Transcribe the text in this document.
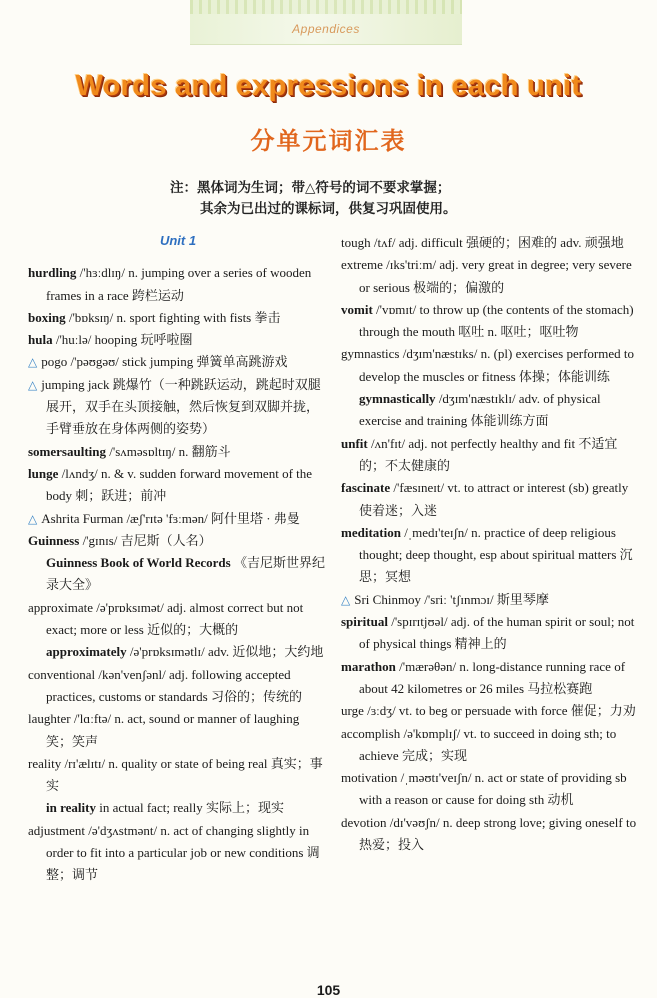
Appendices
Words and expressions in each unit
分单元词汇表
注：黑体词为生词；带△符号的词不要求掌握；
其余为已出过的课标词，供复习巩固使用。
Unit 1
hurdling /'hɜːdlɪŋ/ n. jumping over a series of wooden frames in a race 跨栏运动
boxing /'bɒksɪŋ/ n. sport fighting with fists 拳击
hula /'huːlə/ hooping 玩呼啦圈
△ pogo /'pəʊgəʊ/ stick jumping 弹簧单高跳游戏
△ jumping jack 跳爆竹（一种跳跃运动，跳起时双腿展开，双手在头顶接触，然后恢复到双脚并拢，手臂垂放在身体两侧的姿势）
somersaulting /'sʌməsɒltɪŋ/ n. 翻筋斗
lunge /lʌndʒ/ n. & v. sudden forward movement of the body 刺；跃进；前冲
△ Ashrita Furman /æʃ'rɪtə 'fɜːmən/ 阿什里塔 · 弗曼
Guinness /'gɪnɪs/ 吉尼斯（人名）
Guinness Book of World Records 《吉尼斯世界纪录大全》
approximate /ə'prɒksɪmət/ adj. almost correct but not exact; more or less 近似的；大概的
approximately /ə'prɒksɪmətlɪ/ adv. 近似地；大约地
conventional /kən'venʃənl/ adj. following accepted practices, customs or standards 习俗的；传统的
laughter /'lɑːftə/ n. act, sound or manner of laughing 笑；笑声
reality /rɪ'ælɪtɪ/ n. quality or state of being real 真实；事实
in reality in actual fact; really 实际上；现实
adjustment /ə'dʒʌstmənt/ n. act of changing slightly in order to fit into a particular job or new conditions 调整；调节
tough /tʌf/ adj. difficult 强硬的；困难的 adv. 顽强地
extreme /ɪks'triːm/ adj. very great in degree; very severe or serious 极端的；偏激的
vomit /'vɒmɪt/ to throw up (the contents of the stomach) through the mouth 呕吐 n. 呕吐；呕吐物
gymnastics /dʒɪm'næstɪks/ n. (pl) exercises performed to develop the muscles or fitness 体操；体能训练
gymnastically /dʒɪm'næstɪklɪ/ adv. of physical exercise and training 体能训练方面
unfit /ʌn'fɪt/ adj. not perfectly healthy and fit 不适宜的；不太健康的
fascinate /'fæsɪneɪt/ vt. to attract or interest (sb) greatly 使着迷；入迷
meditation /ˌmedɪ'teɪʃn/ n. practice of deep religious thought; deep thought, esp about spiritual matters 沉思；冥想
△ Sri Chinmoy /'sriː 'tʃɪnmɔɪ/ 斯里琴摩
spiritual /'spɪrɪtjʊəl/ adj. of the human spirit or soul; not of physical things 精神上的
marathon /'mærəθən/ n. long-distance running race of about 42 kilometres or 26 miles 马拉松赛跑
urge /ɜːdʒ/ vt. to beg or persuade with force 催促；力劝
accomplish /ə'kɒmplɪʃ/ vt. to succeed in doing sth; to achieve 完成；实现
motivation /ˌməʊtɪ'veɪʃn/ n. act or state of providing sb with a reason or cause for doing sth 动机
devotion /dɪ'vəʊʃn/ n. deep strong love; giving oneself to 热爱；投入
105
